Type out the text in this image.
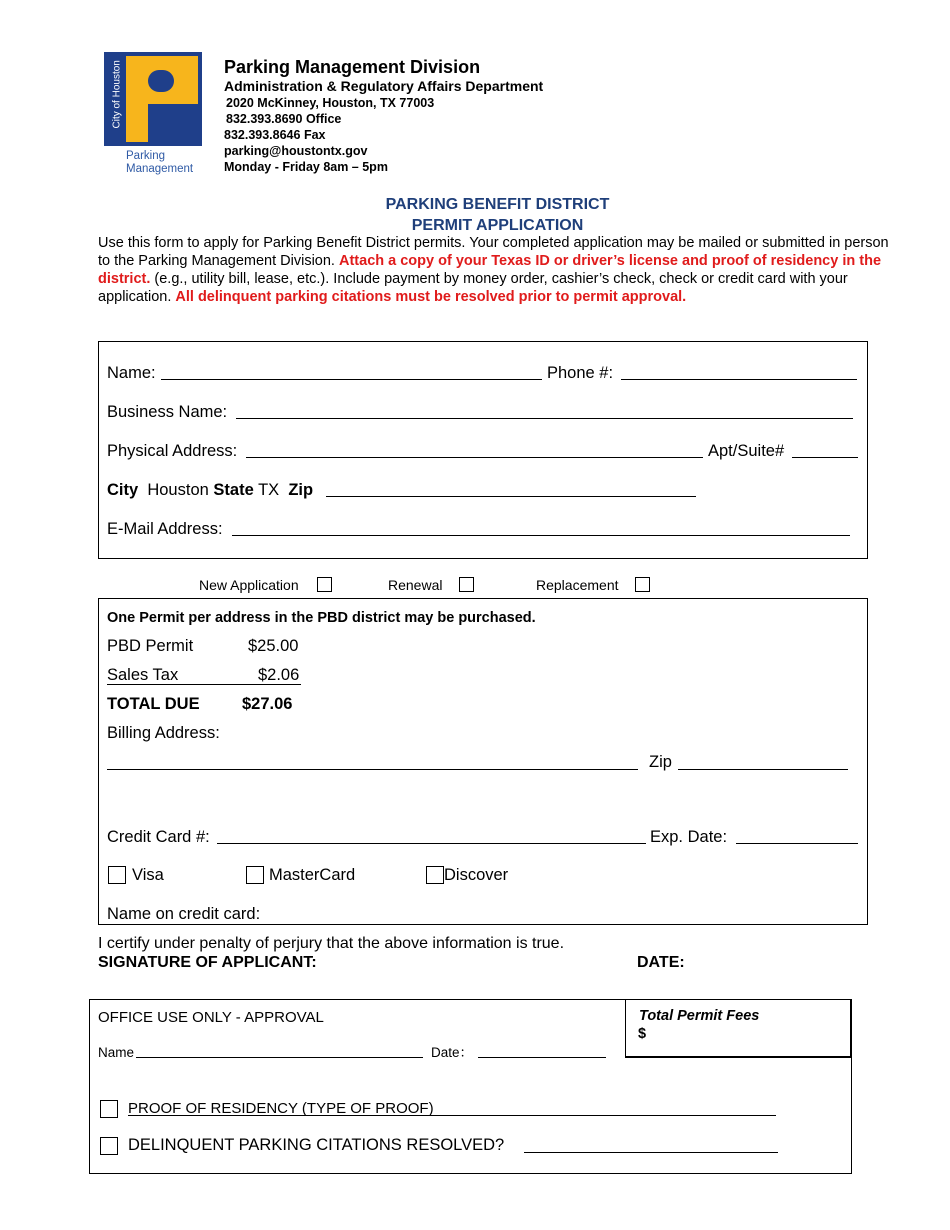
City of Houston
Parking
Management
Parking Management Division
Administration & Regulatory Affairs Department
2020 McKinney, Houston, TX 77003
832.393.8690 Office
832.393.8646 Fax
parking@houstontx.gov
Monday - Friday 8am – 5pm
PARKING BENEFIT DISTRICT
PERMIT APPLICATION
Use this form to apply for Parking Benefit District permits. Your completed application may be mailed or submitted in person to the Parking Management Division. Attach a copy of your Texas ID or driver’s license and proof of residency in the district. (e.g., utility bill, lease, etc.). Include payment by money order, cashier’s check, check or credit card with your application. All delinquent parking citations must be resolved prior to permit approval.
Name:	Phone #:
Business Name:
Physical Address:	Apt/Suite#
City Houston State TX Zip
E-Mail Address:
New Application	Renewal	Replacement
One Permit per address in the PBD district may be purchased.
PBD Permit	$25.00
Sales Tax	$2.06
TOTAL DUE	$27.06
Billing Address:
Zip
Credit Card #:	Exp. Date:
Visa	MasterCard	Discover
Name on credit card:
I certify under penalty of perjury that the above information is true.
SIGNATURE OF APPLICANT:	DATE:
Total Permit Fees
$
OFFICE USE ONLY - APPROVAL
Name	Date：
PROOF OF RESIDENCY (TYPE OF PROOF)
DELINQUENT PARKING CITATIONS RESOLVED?
